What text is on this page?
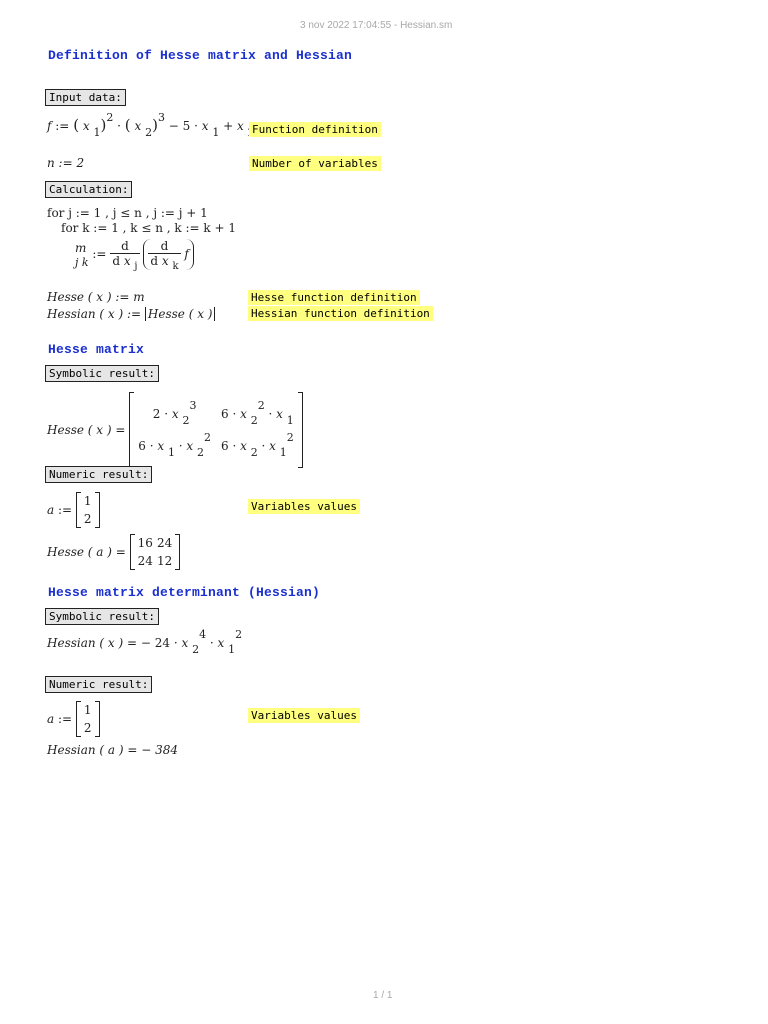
3 nov 2022 17:04:55 - Hessian.sm
Definition of Hesse matrix and Hessian
Input data:
f := ( x 1)2 · ( x 2)3 − 5 · x 1 + x Function definition
n := 2	Number of variables
Calculation:
for j := 1 , j ≤ n , j := j + 1
for k := 1 , k ≤ n , k := k + 1
m
j k := $\frac{d}{d x _j}$
$\frac{d}{d x _k}$ f
Hesse ( x ) := m	Hesse function definition
Hessian ( x ) := Hesse ( x )	Hessian function definition
Hesse matrix
Symbolic result:
Hesse ( x ) =
2 · x 23	6 · x 22 · x 1
6 · x 1 · x 22	6 · x 2 · x 12
Numeric result:
a :=
1
2
Variables values
Hesse ( a ) =
16	24
24	12
Hesse matrix determinant (Hessian)
Symbolic result:
Hessian ( x ) = − 24 · x 24 · x 12
Numeric result:
a :=
1
2
Variables values
Hessian ( a ) = − 384
1 / 1
